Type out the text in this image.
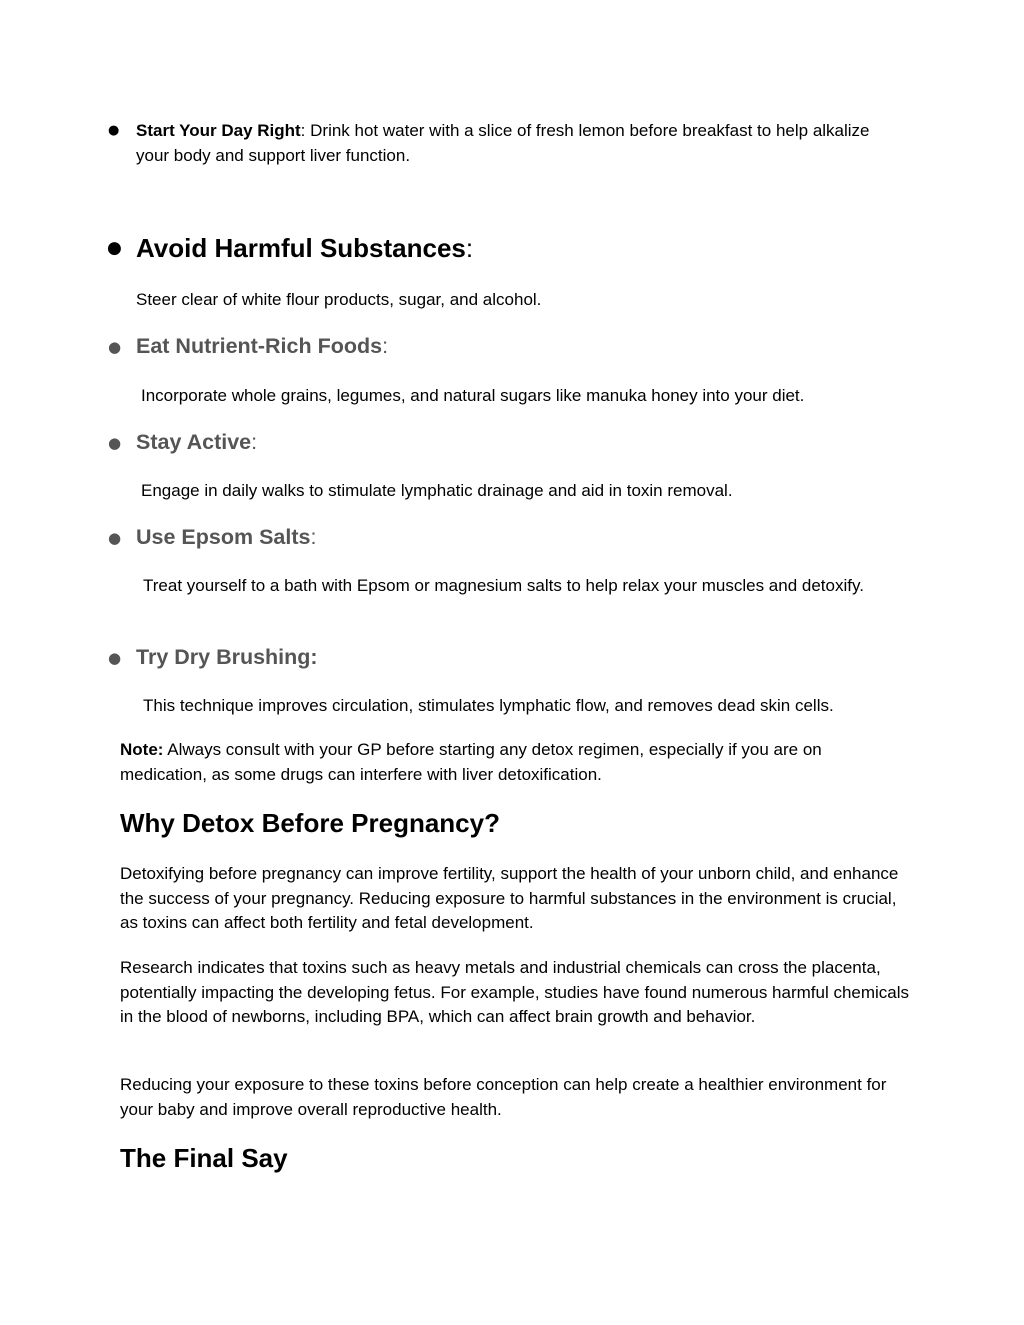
● Start Your Day Right: Drink hot water with a slice of fresh lemon before breakfast to help alkalize your body and support liver function.

● Avoid Harmful Substances:

Steer clear of white flour products, sugar, and alcohol.

● Eat Nutrient-Rich Foods:

Incorporate whole grains, legumes, and natural sugars like manuka honey into your diet.

● Stay Active:

Engage in daily walks to stimulate lymphatic drainage and aid in toxin removal.

● Use Epsom Salts:

Treat yourself to a bath with Epsom or magnesium salts to help relax your muscles and detoxify.

● Try Dry Brushing:

This technique improves circulation, stimulates lymphatic flow, and removes dead skin cells.

Note: Always consult with your GP before starting any detox regimen, especially if you are on medication, as some drugs can interfere with liver detoxification.

Why Detox Before Pregnancy?

Detoxifying before pregnancy can improve fertility, support the health of your unborn child, and enhance the success of your pregnancy. Reducing exposure to harmful substances in the environment is crucial, as toxins can affect both fertility and fetal development.

Research indicates that toxins such as heavy metals and industrial chemicals can cross the placenta, potentially impacting the developing fetus. For example, studies have found numerous harmful chemicals in the blood of newborns, including BPA, which can affect brain growth and behavior.

Reducing your exposure to these toxins before conception can help create a healthier environment for your baby and improve overall reproductive health.

The Final Say
